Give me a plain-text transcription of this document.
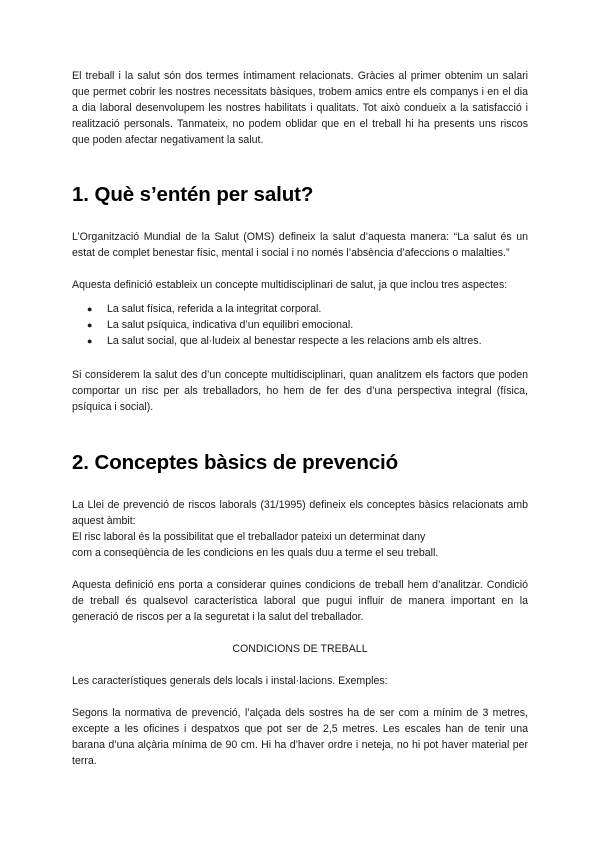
El treball i la salut són dos termes íntimament relacionats. Gràcies al primer obtenim un salari que permet cobrir les nostres necessitats bàsiques, trobem amics entre els companys i en el dia a dia laboral desenvolupem les nostres habilitats i qualitats. Tot això condueix a la satisfacció i realització personals. Tanmateix, no podem oblidar que en el treball hi ha presents uns riscos que poden afectar negativament la salut.

1. Què s’entén per salut?

L’Organització Mundial de la Salut (OMS) defineix la salut d’aquesta manera: “La salut és un estat de complet benestar físic, mental i social i no només l’absència d’afeccions o malalties.”

Aquesta definició estableix un concepte multidisciplinari de salut, ja que inclou tres aspectes:

● La salut física, referida a la integritat corporal.
● La salut psíquica, indicativa d’un equilibri emocional.
● La salut social, que al·ludeix al benestar respecte a les relacions amb els altres.

Si considerem la salut des d’un concepte multidisciplinari, quan analitzem els factors que poden comportar un risc per als treballadors, ho hem de fer des d’una perspectiva integral (física, psíquica i social).

2. Conceptes bàsics de prevenció

La Llei de prevenció de riscos laborals (31/1995) defineix els conceptes bàsics relacionats amb aquest àmbit:

El risc laboral és la possibilitat que el treballador pateixi un determinat dany

com a conseqüència de les condicions en les quals duu a terme el seu treball.

Aquesta definició ens porta a considerar quines condicions de treball hem d’analitzar. Condició de treball és qualsevol característica laboral que pugui influir de manera important en la generació de riscos per a la seguretat i la salut del treballador.

CONDICIONS DE TREBALL

Les característiques generals dels locals i instal·lacions. Exemples:

Segons la normativa de prevenció, l’alçada dels sostres ha de ser com a mínim de 3 metres, excepte a les oficines i despatxos que pot ser de 2,5 metres. Les escales han de tenir una barana d’una alçària mínima de 90 cm. Hi ha d’haver ordre i neteja, no hi pot haver material per terra.
